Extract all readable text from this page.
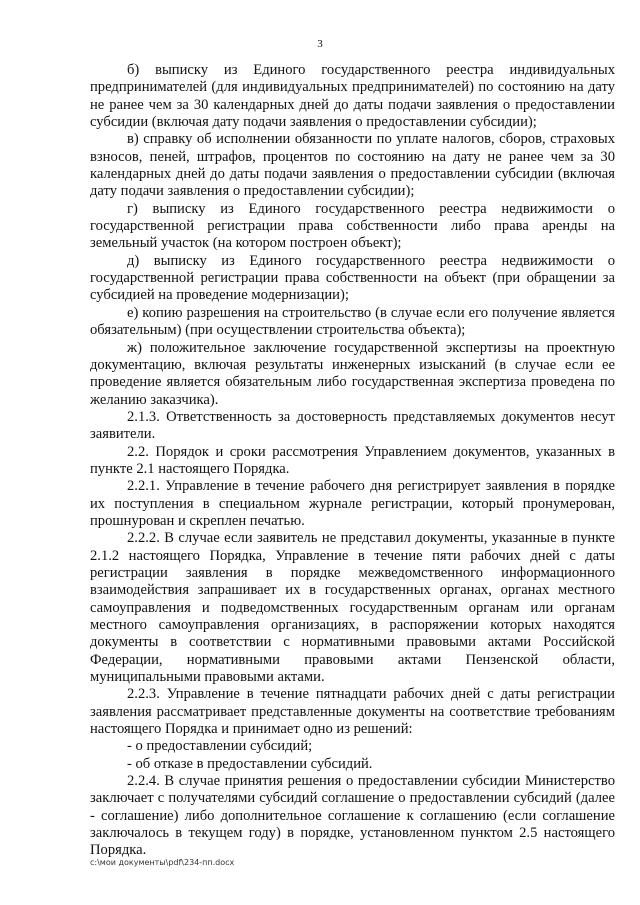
3

б) выписку из Единого государственного реестра индивидуальных предпринимателей (для индивидуальных предпринимателей) по состоянию на дату не ранее чем за 30 календарных дней до даты подачи заявления о предоставлении субсидии (включая дату подачи заявления о предоставлении субсидии);

в) справку об исполнении обязанности по уплате налогов, сборов, страховых взносов, пеней, штрафов, процентов по состоянию на дату не ранее чем за 30 календарных дней до даты подачи заявления о предоставлении субсидии (включая дату подачи заявления о предоставлении субсидии);

г) выписку из Единого государственного реестра недвижимости о государственной регистрации права собственности либо права аренды на земельный участок (на котором построен объект);

д) выписку из Единого государственного реестра недвижимости о государственной регистрации права собственности на объект (при обращении за субсидией на проведение модернизации);

е) копию разрешения на строительство (в случае если его получение является обязательным) (при осуществлении строительства объекта);

ж) положительное заключение государственной экспертизы на проектную документацию, включая результаты инженерных изысканий (в случае если ее проведение является обязательным либо государственная экспертиза проведена по желанию заказчика).

2.1.3. Ответственность за достоверность представляемых документов несут заявители.

2.2. Порядок и сроки рассмотрения Управлением документов, указанных в пункте 2.1 настоящего Порядка.

2.2.1. Управление в течение рабочего дня регистрирует заявления в порядке их поступления в специальном журнале регистрации, который пронумерован, прошнурован и скреплен печатью.

2.2.2. В случае если заявитель не представил документы, указанные в пункте 2.1.2 настоящего Порядка, Управление в течение пяти рабочих дней с даты регистрации заявления в порядке межведомственного информационного взаимодействия запрашивает их в государственных органах, органах местного самоуправления и подведомственных государственным органам или органам местного самоуправления организациях, в распоряжении которых находятся документы в соответствии с нормативными правовыми актами Российской Федерации, нормативными правовыми актами Пензенской области, муниципальными правовыми актами.

2.2.3. Управление в течение пятнадцати рабочих дней с даты регистрации заявления рассматривает представленные документы на соответствие требованиям настоящего Порядка и принимает одно из решений:

- о предоставлении субсидий;

- об отказе в предоставлении субсидий.

2.2.4. В случае принятия решения о предоставлении субсидии Министерство заключает с получателями субсидий соглашение о предоставлении субсидий (далее - соглашение) либо дополнительное соглашение к соглашению (если соглашение заключалось в текущем году) в порядке, установленном пунктом 2.5 настоящего Порядка.

c:\мои документы\pdf\234-пп.docx
